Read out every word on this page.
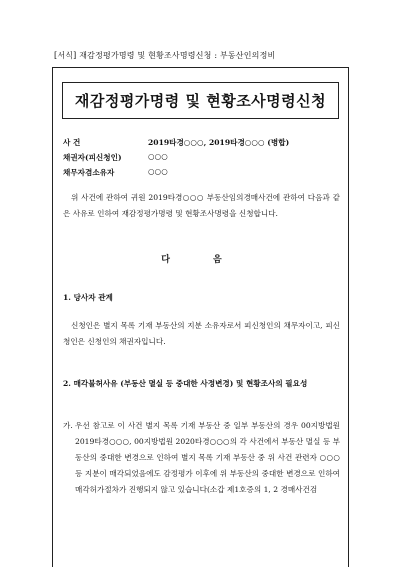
[서식] 재감정평가명령 및 현황조사명령신청 : 부동산인의정비
재감정평가명령 및 현황조사명령신청
사 건	2019타경○○○, 2019타경○○○ (병합)
채권자(피신청인)	○○○
채무자겸소유자	○○○
위 사건에 관하여 귀원 2019타경○○○ 부동산임의경매사건에 관하여 다음과 같은 사유로 인하여 재감정평가명령 및 현황조사명령을 신청합니다.
다 음
1. 당사자 관계
신청인은 별지 목록 기재 부동산의 지분 소유자로서 피신청인의 채무자이고, 피신청인은 신청인의 채권자입니다.
2. 매각불허사유 (부동산 멸실 등 중대한 사정변경) 및 현황조사의 필요성
가. 우선 참고로 이 사건 별지 목록 기재 부동산 중 일부 부동산의 경우 00지방법원 2019타경○○○, 00지방법원 2020타경○○○의 각 사건에서 부동산 멸실 등 부동산의 중대한 변경으로 인하여 별지 목록 기재 부동산 중 위 사건 관련자 ○○○ 등 지분이 매각되었음에도 감정평가 이후에 위 부동산의 중대한 변경으로 인하여 매각허가절차가 진행되지 않고 있습니다(소갑 제1호증의 1, 2 경매사건검
